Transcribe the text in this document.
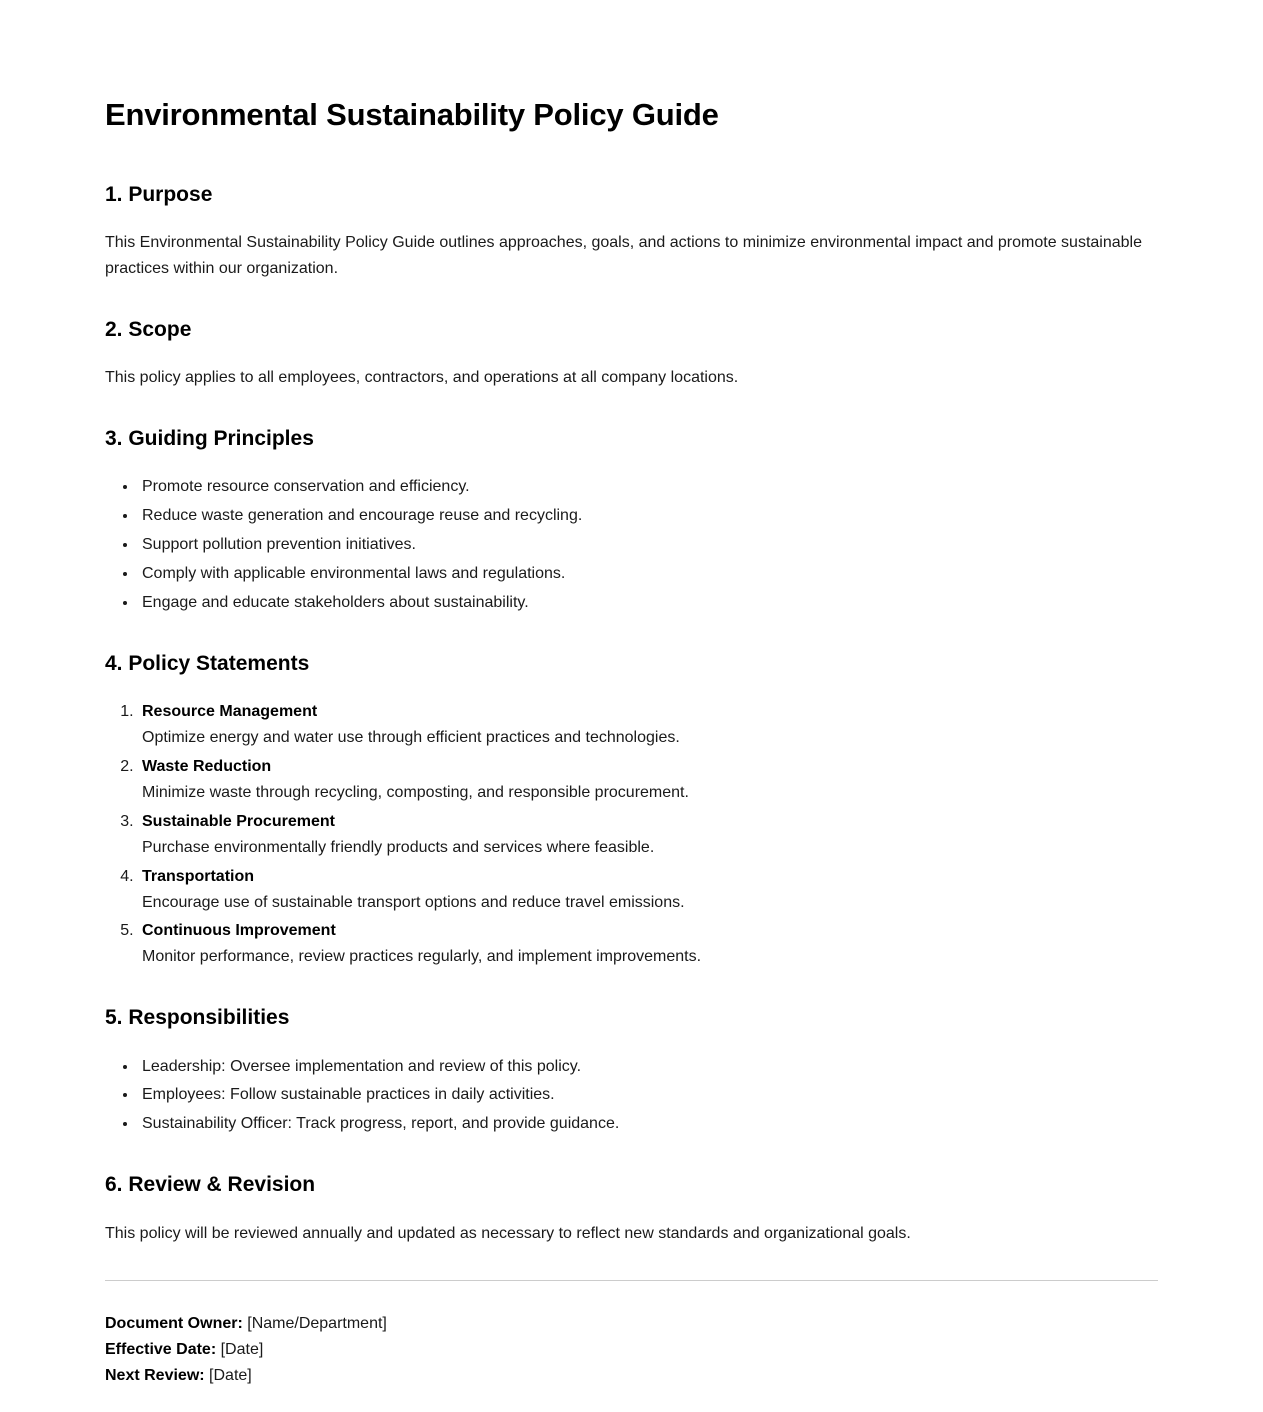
Environmental Sustainability Policy Guide
1. Purpose

This Environmental Sustainability Policy Guide outlines approaches, goals, and actions to minimize environmental impact and promote sustainable practices within our organization.

2. Scope

This policy applies to all employees, contractors, and operations at all company locations.

3. Guiding Principles
• Promote resource conservation and efficiency.
• Reduce waste generation and encourage reuse and recycling.
• Support pollution prevention initiatives.
• Comply with applicable environmental laws and regulations.
• Engage and educate stakeholders about sustainability.
4. Policy Statements
1. Resource Management
Optimize energy and water use through efficient practices and technologies.
2. Waste Reduction
Minimize waste through recycling, composting, and responsible procurement.
3. Sustainable Procurement
Purchase environmentally friendly products and services where feasible.
4. Transportation
Encourage use of sustainable transport options and reduce travel emissions.
5. Continuous Improvement
Monitor performance, review practices regularly, and implement improvements.
5. Responsibilities
• Leadership: Oversee implementation and review of this policy.
• Employees: Follow sustainable practices in daily activities.
• Sustainability Officer: Track progress, report, and provide guidance.
6. Review & Revision

This policy will be reviewed annually and updated as necessary to reflect new standards and organizational goals.

Document Owner: [Name/Department]

Effective Date: [Date]

Next Review: [Date]
